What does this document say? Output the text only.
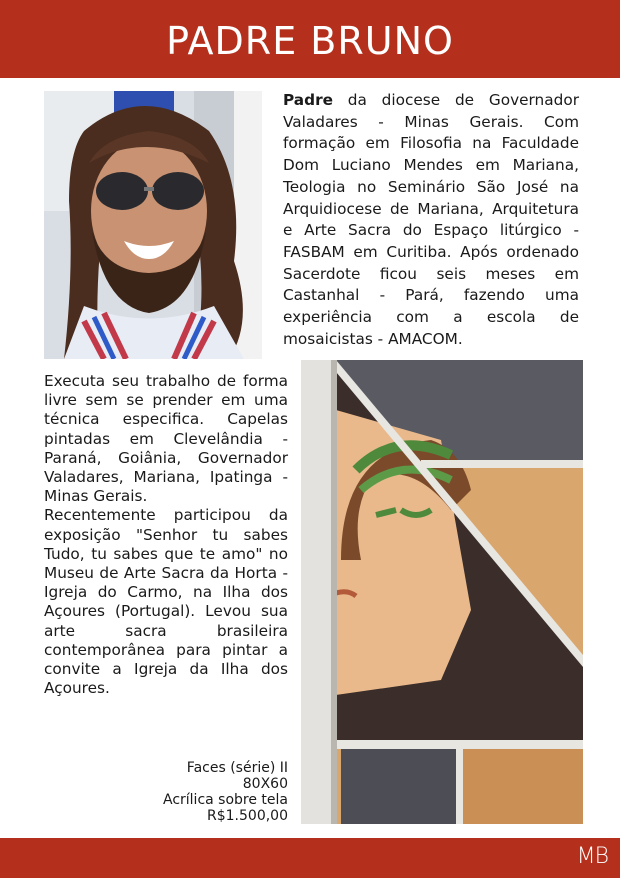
PADRE BRUNO

Padre da diocese de Governador Valadares - Minas Gerais. Com formação em Filosofia na Faculdade Dom Luciano Mendes em Mariana, Teologia no Seminário São José na Arquidiocese de Mariana, Arquitetura e Arte Sacra do Espaço litúrgico - FASBAM em Curitiba. Após ordenado Sacerdote ficou seis meses em Castanhal - Pará, fazendo uma experiência com a escola de mosaicistas - AMACOM.

Executa seu trabalho de forma livre sem se prender em uma técnica especifica. Capelas pintadas em Clevelândia - Paraná, Goiânia, Governador Valadares, Mariana, Ipatinga - Minas Gerais.

Recentemente participou da exposição "Senhor tu sabes Tudo, tu sabes que te amo" no Museu de Arte Sacra da Horta - Igreja do Carmo, na Ilha dos Açoures (Portugal). Levou sua arte sacra brasileira contemporânea para pintar a convite a Igreja da Ilha dos Açoures.

Faces (série) II
80X60
Acrílica sobre tela
R$1.500,00
MB
